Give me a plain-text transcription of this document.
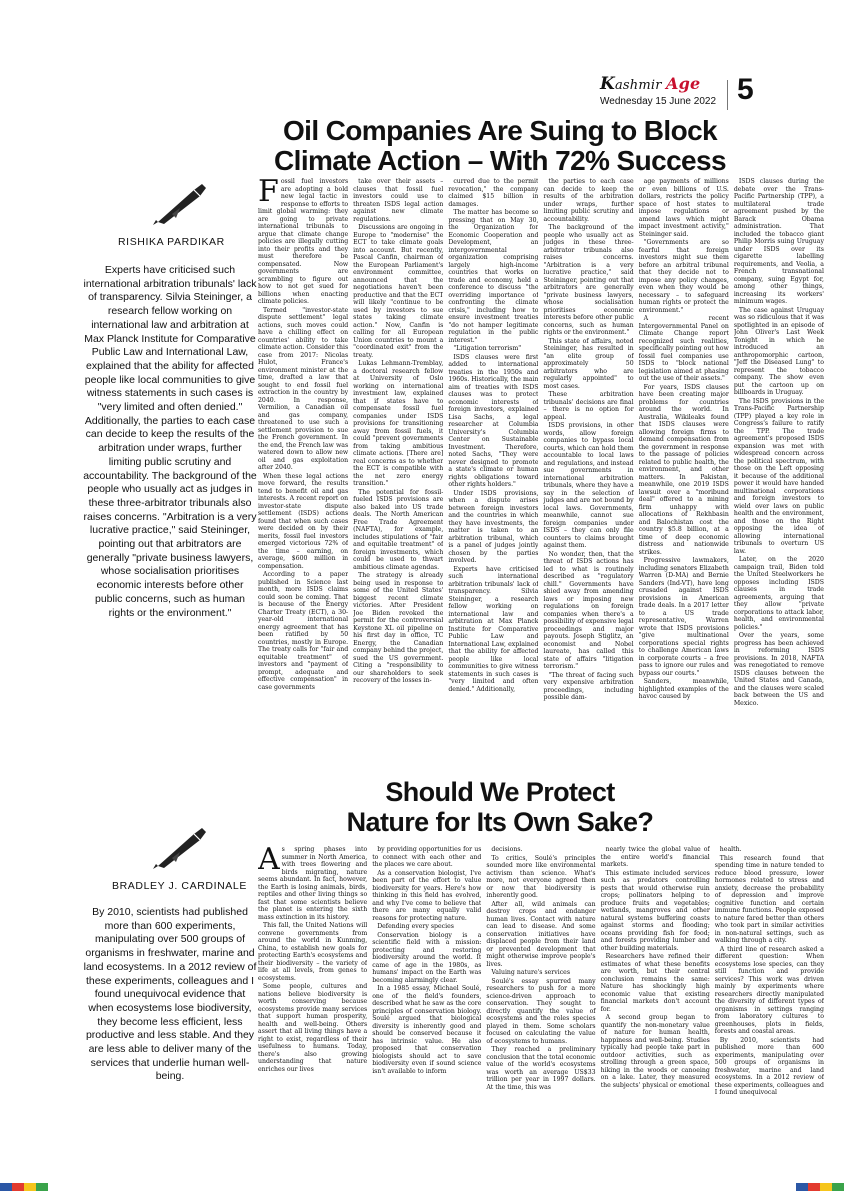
Kashmir Age
Wednesday 15 June 2022 5
Oil Companies Are Suing to Block
Climate Action – With 72% Success
RISHIKA PARDIKAR

Experts have criticised such international arbitration tribunals' lack of transparency. Silvia Steininger, a research fellow working on international law and arbitration at Max Planck Institute for Comparative Public Law and International Law, explained that the ability for affected people like local communities to give witness statements in such cases is "very limited and often denied." Additionally, the parties to each case can decide to keep the results of the arbitration under wraps, further limiting public scrutiny and accountability. The background of the people who usually act as judges in these three-arbitrator tribunals also raises concerns. "Arbitration is a very lucrative practice," said Steininger, pointing out that arbitrators are generally "private business lawyers, whose socialisation prioritises economic interests before other public concerns, such as human rights or the environment."

Fossil fuel investors are adopting a bold new legal tactic in response to efforts to limit global warming: they are going to private international tribunals to argue that climate change policies are illegally cutting into their profits and they must therefore be compensated. Now governments are scrambling to figure out how to not get sued for billions when enacting climate policies.

Termed "investor-state dispute settlement" legal actions, such moves could have a chilling effect on countries' ability to take climate action. Consider this case from 2017: Nicolas Hulot, France's environment minister at the time, drafted a law that sought to end fossil fuel extraction in the country by 2040. In response, Vermilion, a Canadian oil and gas company, threatened to use such a settlement provision to sue the French government. In the end, the French law was watered down to allow new oil and gas exploitation after 2040.

When these legal actions move forward, the results tend to benefit oil and gas interests. A recent report on investor-state dispute settlement (ISDS) actions found that when such cases were decided on by their merits, fossil fuel investors emerged victorious 72% of the time – earning, on average, $600 million in compensation.

According to a paper published in Science last month, more ISDS claims could soon be coming. That is because of the Energy Charter Treaty (ECT), a 30-year-old international energy agreement that has been ratified by 50 countries, mostly in Europe. The treaty calls for "fair and equitable treatment" of investors and "payment of prompt, adequate and effective compensation" in case governments

take over their assets – clauses that fossil fuel investors could use to threaten ISDS legal action against new climate regulations.

Discussions are ongoing in Europe to "modernise" the ECT to take climate goals into account. But recently, Pascal Canfin, chairman of the European Parliament's environment committee, announced that the negotiations haven't been productive and that the ECT will likely "continue to be used by investors to sue states taking climate action." Now, Canfin is calling for all European Union countries to mount a "coordinated exit" from the treaty.

Lukas Lehmann-Tremblay, a doctoral research fellow at University of Oslo working on international investment law, explained that if states have to compensate fossil fuel companies under ISDS provisions for transitioning away from fossil fuels, it could "prevent governments from taking ambitious climate actions. [There are] real concerns as to whether the ECT is compatible with the net zero energy transition."

The potential for fossil-fueled ISDS provisions are also baked into US trade deals. The North American Free Trade Agreement (NAFTA), for example, includes stipulations of "fair and equitable treatment" of foreign investments, which could be used to thwart ambitious climate agendas.

The strategy is already being used in response to some of the United States' biggest recent climate victories. After President Joe Biden revoked the permit for the controversial Keystone XL oil pipeline on his first day in office, TC Energy, the Canadian company behind the project, sued the US government. Citing a "responsibility to our shareholders to seek recovery of the losses in-

curred due to the permit revocation," the company claimed $15 billion in damages.

The matter has become so pressing that on May 30, the Organization for Economic Cooperation and Development, an intergovernmental organization comprising largely high-income countries that works on trade and economy, held a conference to discuss "the overriding importance of confronting the climate crisis," including how to ensure investment treaties "do not hamper legitimate regulation in the public interest."

"Litigation terrorism"

ISDS clauses were first added to international treaties in the 1950s and 1960s. Historically, the main aim of treaties with ISDS clauses was to protect economic interests of foreign investors, explained Lisa Sachs, a legal researcher at Columbia University's Columbia Center on Sustainable Investment. Therefore, noted Sachs, "They were never designed to promote a state's climate or human rights obligations toward other rights holders."

Under ISDS provisions, when a dispute arises between foreign investors and the countries in which they have investments, the matter is taken to an arbitration tribunal, which is a panel of judges jointly chosen by the parties involved.

Experts have criticised such international arbitration tribunals' lack of transparency. Silvia Steininger, a research fellow working on international law and arbitration at Max Planck Institute for Comparative Public Law and International Law, explained that the ability for affected people like local communities to give witness statements in such cases is "very limited and often denied." Additionally,

the parties to each case can decide to keep the results of the arbitration under wraps, further limiting public scrutiny and accountability.

The background of the people who usually act as judges in these three-arbitrator tribunals also raises concerns. "Arbitration is a very lucrative practice," said Steininger, pointing out that arbitrators are generally "private business lawyers, whose socialisation prioritises economic interests before other public concerns, such as human rights or the environment."

This state of affairs, noted Steininger, has resulted in "an elite group of approximately 50 arbitrators who are regularly appointed" to most cases.

These arbitration tribunals' decisions are final – there is no option for appeal.

ISDS provisions, in other words, allow foreign companies to bypass local courts, which can hold them accountable to local laws and regulations, and instead sue governments in international arbitration tribunals, where they have a say in the selection of judges and are not bound by local laws. Governments, meanwhile, cannot sue foreign companies under ISDS – they can only file counters to claims brought against them.

No wonder, then, that the threat of ISDS actions has led to what is routinely described as "regulatory chill." Governments have shied away from amending laws or imposing new regulations on foreign companies when there's a possibility of expensive legal proceedings and major payouts. Joseph Stiglitz, an economist and Nobel laureate, has called this state of affairs "litigation terrorism."

"The threat of facing such very expensive arbitration proceedings, including possible dam-

age payments of millions or even billions of U.S. dollars, restricts the policy space of host states to impose regulations or amend laws which might impact investment activity," Steininger said.

"Governments are so fearful that foreign investors might sue them before an arbitral tribunal that they decide not to impose any policy changes, even when they would be necessary – to safeguard human rights or protect the environment."

A recent Intergovernmental Panel on Climate Change report recognized such realities, specifically pointing out how fossil fuel companies use ISDS to "block national legislation aimed at phasing out the use of their assets."

For years, ISDS clauses have been creating major problems for countries around the world. In Australia, Wikileaks found that ISDS clauses were allowing foreign firms to demand compensation from the government in response to the passage of policies related to public health, the environment, and other matters. In Pakistan, meanwhile, one 2019 ISDS lawsuit over a "moribund deal" offered to a mining firm unhappy with allocations of Rekhbasin and Balochistan cost the country $5.8 billion, at a time of deep economic distress and nationwide strikes.

Progressive lawmakers, including senators Elizabeth Warren (D-MA) and Bernie Sanders (Ind-VT), have long crusaded against ISDS provisions in American trade deals. In a 2017 letter to a US trade representative, Warren wrote that ISDS provisions "give multinational corporations special rights to challenge American laws in corporate courts – a free pass to ignore our rules and bypass our courts."

Sanders, meanwhile, highlighted examples of the havoc caused by

ISDS clauses during the debate over the Trans-Pacific Partnership (TPP), a multilateral trade agreement pushed by the Barack Obama administration. That included the tobacco giant Philip Morris suing Uruguay under ISDS over its cigarette labelling requirements, and Veolia, a French transnational company, suing Egypt for, among other things, increasing its workers' minimum wages.

The case against Uruguay was so ridiculous that it was spotlighted in an episode of John Oliver's Last Week Tonight in which he introduced an anthropomorphic cartoon, "Jeff the Diseased Lung" to represent the tobacco company. The show even put the cartoon up on billboards in Uruguay.

The ISDS provisions in the Trans-Pacific Partnership (TPP) played a key role in Congress's failure to ratify the TPP. The trade agreement's proposed ISDS expansion was met with widespread concern across the political spectrum, with those on the Left opposing it because of the additional power it would have handed multinational corporations and foreign investors to wield over laws on public health and the environment, and those on the Right opposing the idea of allowing international tribunals to overturn US law.

Later, on the 2020 campaign trail, Biden told the United Steelworkers he opposes including ISDS clauses in trade agreements, arguing that they allow "private corporations to attack labor, health, and environmental policies."

Over the years, some progress has been achieved in reforming ISDS provisions. In 2018, NAFTA was renegotiated to remove ISDS clauses between the United States and Canada, and the clauses were scaled back between the US and Mexico.

Should We Protect
Nature for Its Own Sake?
BRADLEY J. CARDINALE

By 2010, scientists had published more than 600 experiments, manipulating over 500 groups of organisms in freshwater, marine and land ecosystems. In a 2012 review of these experiments, colleagues and I found unequivocal evidence that when ecosystems lose biodiversity, they become less efficient, less productive and less stable. And they are less able to deliver many of the services that underlie human well-being.

As spring phases into summer in North America, with trees flowering and birds migrating, nature seems abundant. In fact, however, the Earth is losing animals, birds, reptiles and other living things so fast that some scientists believe the planet is entering the sixth mass extinction in its history.

This fall, the United Nations will convene governments from around the world in Kunming, China, to establish new goals for protecting Earth's ecosystems and their biodiversity – the variety of life at all levels, from genes to ecosystems.

Some people, cultures and nations believe biodiversity is worth conserving because ecosystems provide many services that support human prosperity, health and well-being. Others assert that all living things have a right to exist, regardless of their usefulness to humans. Today, there's also growing understanding that nature enriches our lives

by providing opportunities for us to connect with each other and the places we care about.

As a conservation biologist, I've been part of the effort to value biodiversity for years. Here's how thinking in this field has evolved, and why I've come to believe that there are many equally valid reasons for protecting nature.

Defending every species

Conservation biology is a scientific field with a mission: protecting and restoring biodiversity around the world. It came of age in the 1980s, as humans' impact on the Earth was becoming alarmingly clear.

In a 1985 essay, Michael Soulé, one of the field's founders, described what he saw as the core principles of conservation biology. Soulé argued that biological diversity is inherently good and should be conserved because it has intrinsic value. He also proposed that conservation biologists should act to save biodiversity even if sound science isn't available to inform

decisions.

To critics, Soulé's principles sounded more like environmental activism than science. What's more, not everyone agreed then or now that biodiversity is inherently good.

After all, wild animals can destroy crops and endanger human lives. Contact with nature can lead to disease. And some conservation initiatives have displaced people from their land or prevented development that might otherwise improve people's lives.

Valuing nature's services

Soulé's essay spurred many researchers to push for a more science-driven approach to conservation. They sought to directly quantify the value of ecosystems and the roles species played in them. Some scholars focused on calculating the value of ecosystems to humans.

They reached a preliminary conclusion that the total economic value of the world's ecosystems was worth an average US$33 trillion per year in 1997 dollars. At the time, this was

nearly twice the global value of the entire world's financial markets.

This estimate included services such as predators controlling pests that would otherwise ruin crops; pollinators helping to produce fruits and vegetables; wetlands, mangroves and other natural systems buffering coasts against storms and flooding; oceans providing fish for food; and forests providing lumber and other building materials.

Researchers have refined their estimates of what these benefits are worth, but their central conclusion remains the same: Nature has shockingly high economic value that existing financial markets don't account for.

A second group began to quantify the non-monetary value of nature for human health, happiness and well-being. Studies typically had people take part in outdoor activities, such as strolling through a green space, hiking in the woods or canoeing on a lake. Later, they measured the subjects' physical or emotional

health.

This research found that spending time in nature tended to reduce blood pressure, lower hormones related to stress and anxiety, decrease the probability of depression and improve cognitive function and certain immune functions. People exposed to nature fared better than others who took part in similar activities in non-natural settings, such as walking through a city.

A third line of research asked a different question: When ecosystems lose species, can they still function and provide services? This work was driven mainly by experiments where researchers directly manipulated the diversity of different types of organisms in settings ranging from laboratory cultures to greenhouses, plots in fields, forests and coastal areas.

By 2010, scientists had published more than 600 experiments, manipulating over 500 groups of organisms in freshwater, marine and land ecosystems. In a 2012 review of these experiments, colleagues and I found unequivocal
